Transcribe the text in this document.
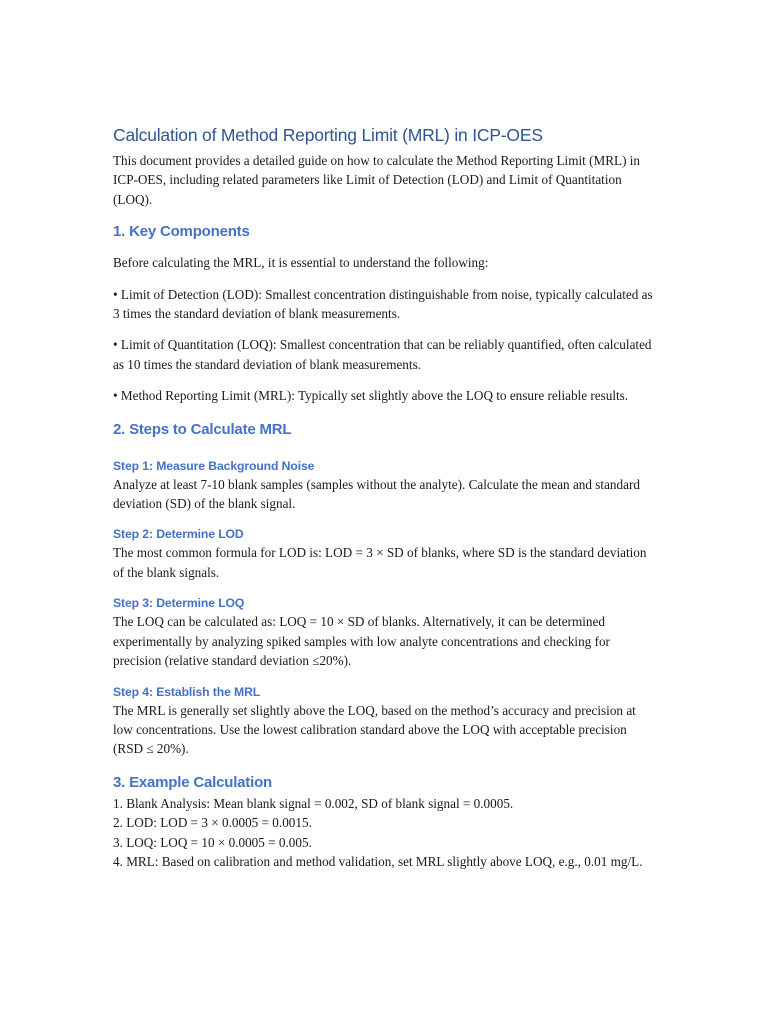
Calculation of Method Reporting Limit (MRL) in ICP-OES

This document provides a detailed guide on how to calculate the Method Reporting Limit (MRL) in ICP-OES, including related parameters like Limit of Detection (LOD) and Limit of Quantitation (LOQ).

1. Key Components

Before calculating the MRL, it is essential to understand the following:

• Limit of Detection (LOD): Smallest concentration distinguishable from noise, typically calculated as 3 times the standard deviation of blank measurements.

• Limit of Quantitation (LOQ): Smallest concentration that can be reliably quantified, often calculated as 10 times the standard deviation of blank measurements.

• Method Reporting Limit (MRL): Typically set slightly above the LOQ to ensure reliable results.

2. Steps to Calculate MRL
Step 1: Measure Background Noise

Analyze at least 7-10 blank samples (samples without the analyte). Calculate the mean and standard deviation (SD) of the blank signal.

Step 2: Determine LOD

The most common formula for LOD is: LOD = 3 × SD of blanks, where SD is the standard deviation of the blank signals.

Step 3: Determine LOQ

The LOQ can be calculated as: LOQ = 10 × SD of blanks. Alternatively, it can be determined experimentally by analyzing spiked samples with low analyte concentrations and checking for precision (relative standard deviation ≤20%).

Step 4: Establish the MRL

The MRL is generally set slightly above the LOQ, based on the method’s accuracy and precision at low concentrations. Use the lowest calibration standard above the LOQ with acceptable precision (RSD ≤ 20%).

3. Example Calculation

1. Blank Analysis: Mean blank signal = 0.002, SD of blank signal = 0.0005.

2. LOD: LOD = 3 × 0.0005 = 0.0015.

3. LOQ: LOQ = 10 × 0.0005 = 0.005.

4. MRL: Based on calibration and method validation, set MRL slightly above LOQ, e.g., 0.01 mg/L.
